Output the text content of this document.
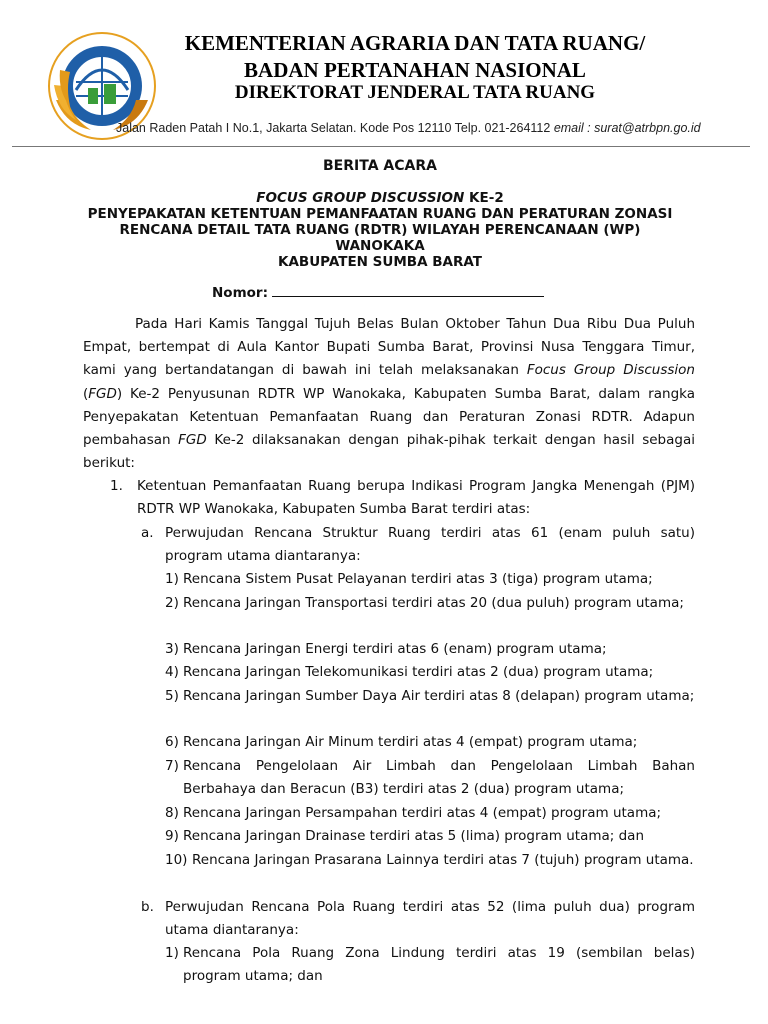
KEMENTERIAN AGRARIA DAN TATA RUANG/
BADAN PERTANAHAN NASIONAL
DIREKTORAT JENDERAL TATA RUANG
Jalan Raden Patah I No.1, Jakarta Selatan. Kode Pos 12110 Telp. 021-264112 email : surat@atrbpn.go.id
BERITA ACARA
FOCUS GROUP DISCUSSION KE-2
PENYEPAKATAN KETENTUAN PEMANFAATAN RUANG DAN PERATURAN ZONASI
RENCANA DETAIL TATA RUANG (RDTR) WILAYAH PERENCANAAN (WP)
WANOKAKA
KABUPATEN SUMBA BARAT
Nomor:
Pada Hari Kamis Tanggal Tujuh Belas Bulan Oktober Tahun Dua Ribu Dua Puluh Empat, bertempat di Aula Kantor Bupati Sumba Barat, Provinsi Nusa Tenggara Timur, kami yang bertandatangan di bawah ini telah melaksanakan Focus Group Discussion (FGD) Ke-2 Penyusunan RDTR WP Wanokaka, Kabupaten Sumba Barat, dalam rangka Penyepakatan Ketentuan Pemanfaatan Ruang dan Peraturan Zonasi RDTR. Adapun pembahasan FGD Ke-2 dilaksanakan dengan pihak-pihak terkait dengan hasil sebagai berikut:
1. Ketentuan Pemanfaatan Ruang berupa Indikasi Program Jangka Menengah (PJM) RDTR WP Wanokaka, Kabupaten Sumba Barat terdiri atas:
a. Perwujudan Rencana Struktur Ruang terdiri atas 61 (enam puluh satu) program utama diantaranya:
1) Rencana Sistem Pusat Pelayanan terdiri atas 3 (tiga) program utama;
2) Rencana Jaringan Transportasi terdiri atas 20 (dua puluh) program utama;
3) Rencana Jaringan Energi terdiri atas 6 (enam) program utama;
4) Rencana Jaringan Telekomunikasi terdiri atas 2 (dua) program utama;
5) Rencana Jaringan Sumber Daya Air terdiri atas 8 (delapan) program utama;
6) Rencana Jaringan Air Minum terdiri atas 4 (empat) program utama;
7) Rencana Pengelolaan Air Limbah dan Pengelolaan Limbah Bahan Berbahaya dan Beracun (B3) terdiri atas 2 (dua) program utama;
8) Rencana Jaringan Persampahan terdiri atas 4 (empat) program utama;
9) Rencana Jaringan Drainase terdiri atas 5 (lima) program utama; dan
10) Rencana Jaringan Prasarana Lainnya terdiri atas 7 (tujuh) program utama.
b. Perwujudan Rencana Pola Ruang terdiri atas 52 (lima puluh dua) program utama diantaranya:
1) Rencana Pola Ruang Zona Lindung terdiri atas 19 (sembilan belas) program utama; dan
